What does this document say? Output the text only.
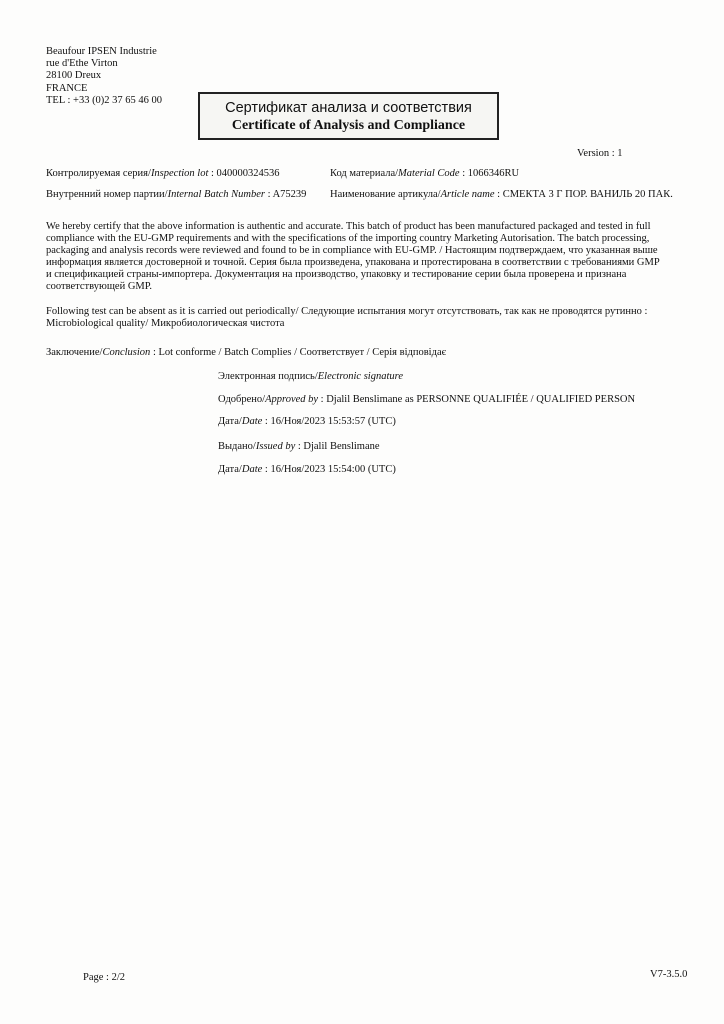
Beaufour IPSEN Industrie
rue d'Ethe Virton
28100 Dreux
FRANCE
TEL : +33 (0)2 37 65 46 00	Сертификат анализа и соответствия
Certificate of Analysis and Compliance
Version : 1
Контролируемая серия/Inspection lot : 040000324536	Код материала/Material Code : 1066346RU
Внутренний номер партии/Internal Batch Number : A75239 Наименование артикула/Article name : СМЕКТА 3 Г ПОР. ВАНИЛЬ 20 ПАК.
We hereby certify that the above information is authentic and accurate. This batch of product has been manufactured packaged and tested in full compliance with the EU-GMP requirements and with the specifications of the importing country Marketing Autorisation. The batch processing, packaging and analysis records were reviewed and found to be in compliance with EU-GMP. / Настоящим подтверждаем, что указанная выше информация является достоверной и точной. Серия была произведена, упакована и протестирована в соответствии с требованиями GMP и спецификацией страны-импортера. Документация на производство, упаковку и тестирование серии была проверена и признана соответствующей GMP.
Following test can be absent as it is carried out periodically/ Следующие испытания могут отсутствовать, так как не проводятся рутинно :
Microbiological quality/ Микробиологическая чистота
Заключение/Conclusion : Lot conforme / Batch Complies / Соответствует / Серія відповідає
Электронная подпись/Electronic signature
Одобрено/Approved by : Djalil Benslimane as PERSONNE QUALIFIÉE / QUALIFIED PERSON
Дата/Date : 16/Ноя/2023 15:53:57 (UTC)
Выдано/Issued by : Djalil Benslimane
Дата/Date : 16/Ноя/2023 15:54:00 (UTC)
Page : 2/2	V7-3.5.0
